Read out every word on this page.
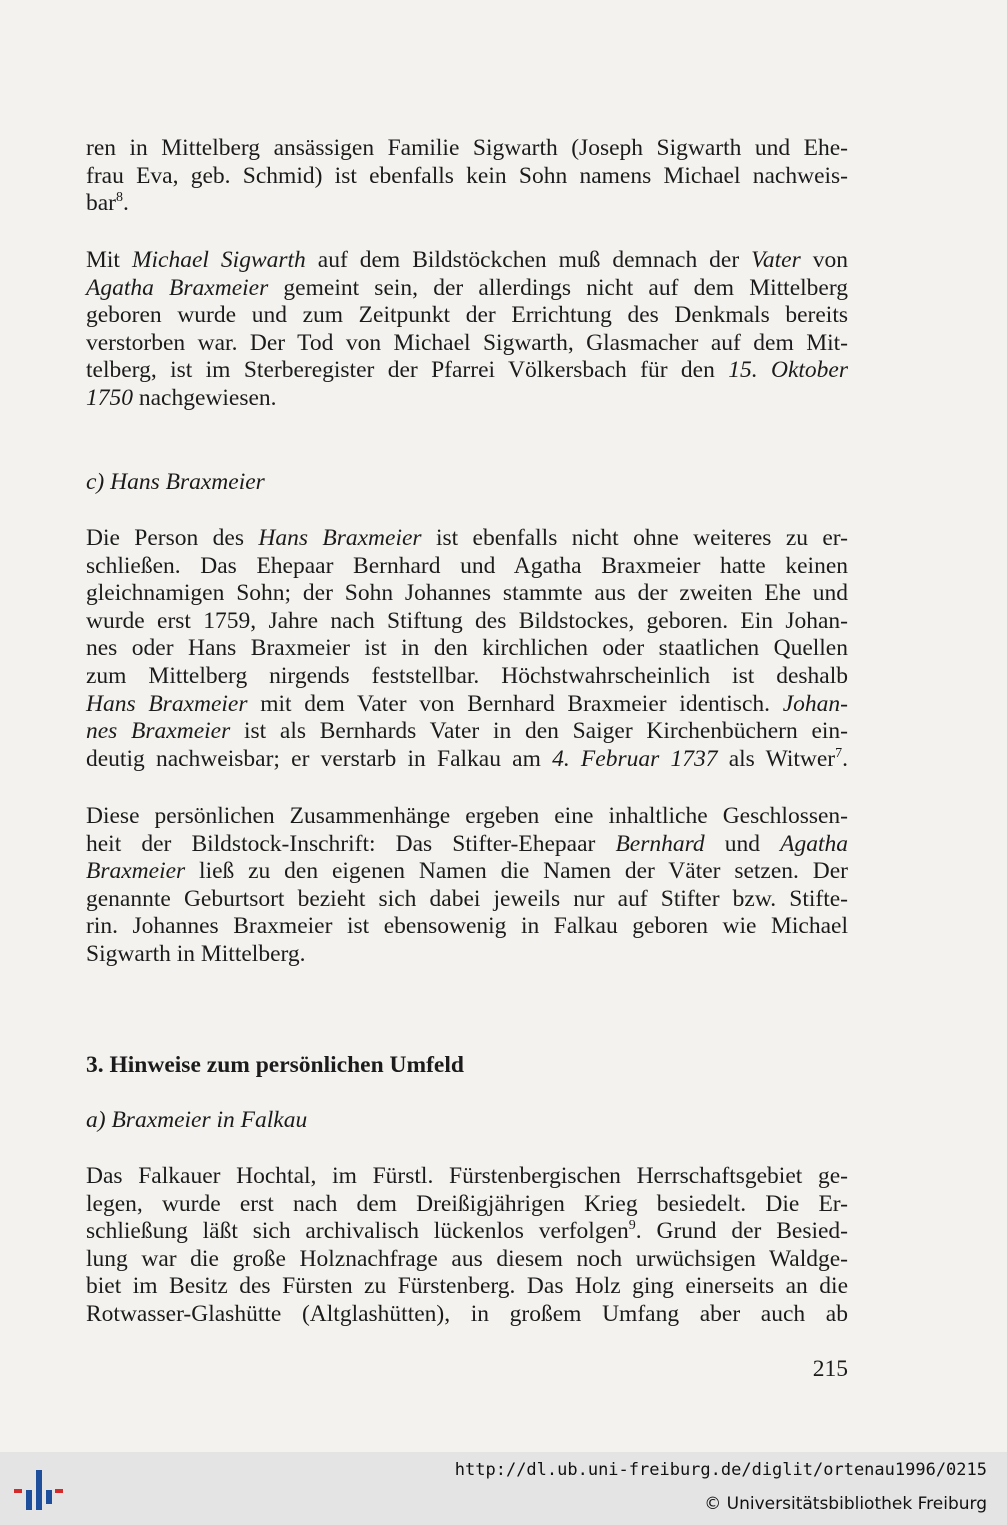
ren in Mittelberg ansässigen Familie Sigwarth (Joseph Sigwarth und Ehe-

frau Eva, geb. Schmid) ist ebenfalls kein Sohn namens Michael nachweis-

bar$^8$.

Mit Michael Sigwarth auf dem Bildstöckchen muß demnach der Vater von

Agatha Braxmeier gemeint sein, der allerdings nicht auf dem Mittelberg

geboren wurde und zum Zeitpunkt der Errichtung des Denkmals bereits

verstorben war. Der Tod von Michael Sigwarth, Glasmacher auf dem Mit-

telberg, ist im Sterberegister der Pfarrei Völkersbach für den 15. Oktober

1750 nachgewiesen.

c) Hans Braxmeier

Die Person des Hans Braxmeier ist ebenfalls nicht ohne weiteres zu er-

schließen. Das Ehepaar Bernhard und Agatha Braxmeier hatte keinen

gleichnamigen Sohn; der Sohn Johannes stammte aus der zweiten Ehe und

wurde erst 1759, Jahre nach Stiftung des Bildstockes, geboren. Ein Johan-

nes oder Hans Braxmeier ist in den kirchlichen oder staatlichen Quellen

zum Mittelberg nirgends feststellbar. Höchstwahrscheinlich ist deshalb

Hans Braxmeier mit dem Vater von Bernhard Braxmeier identisch. Johan-

nes Braxmeier ist als Bernhards Vater in den Saiger Kirchenbüchern ein-

deutig nachweisbar; er verstarb in Falkau am 4. Februar 1737 als Witwer$^7$.

Diese persönlichen Zusammenhänge ergeben eine inhaltliche Geschlossen-

heit der Bildstock-Inschrift: Das Stifter-Ehepaar Bernhard und Agatha

Braxmeier ließ zu den eigenen Namen die Namen der Väter setzen. Der

genannte Geburtsort bezieht sich dabei jeweils nur auf Stifter bzw. Stifte-

rin. Johannes Braxmeier ist ebensowenig in Falkau geboren wie Michael

Sigwarth in Mittelberg.

3. Hinweise zum persönlichen Umfeld

a) Braxmeier in Falkau

Das Falkauer Hochtal, im Fürstl. Fürstenbergischen Herrschaftsgebiet ge-

legen, wurde erst nach dem Dreißigjährigen Krieg besiedelt. Die Er-

schließung läßt sich archivalisch lückenlos verfolgen$^9$. Grund der Besied-

lung war die große Holznachfrage aus diesem noch urwüchsigen Waldge-

biet im Besitz des Fürsten zu Fürstenberg. Das Holz ging einerseits an die

Rotwasser-Glashütte (Altglashütten), in großem Umfang aber auch ab

215
http://dl.ub.uni-freiburg.de/diglit/ortenau1996/0215
© Universitätsbibliothek Freiburg
